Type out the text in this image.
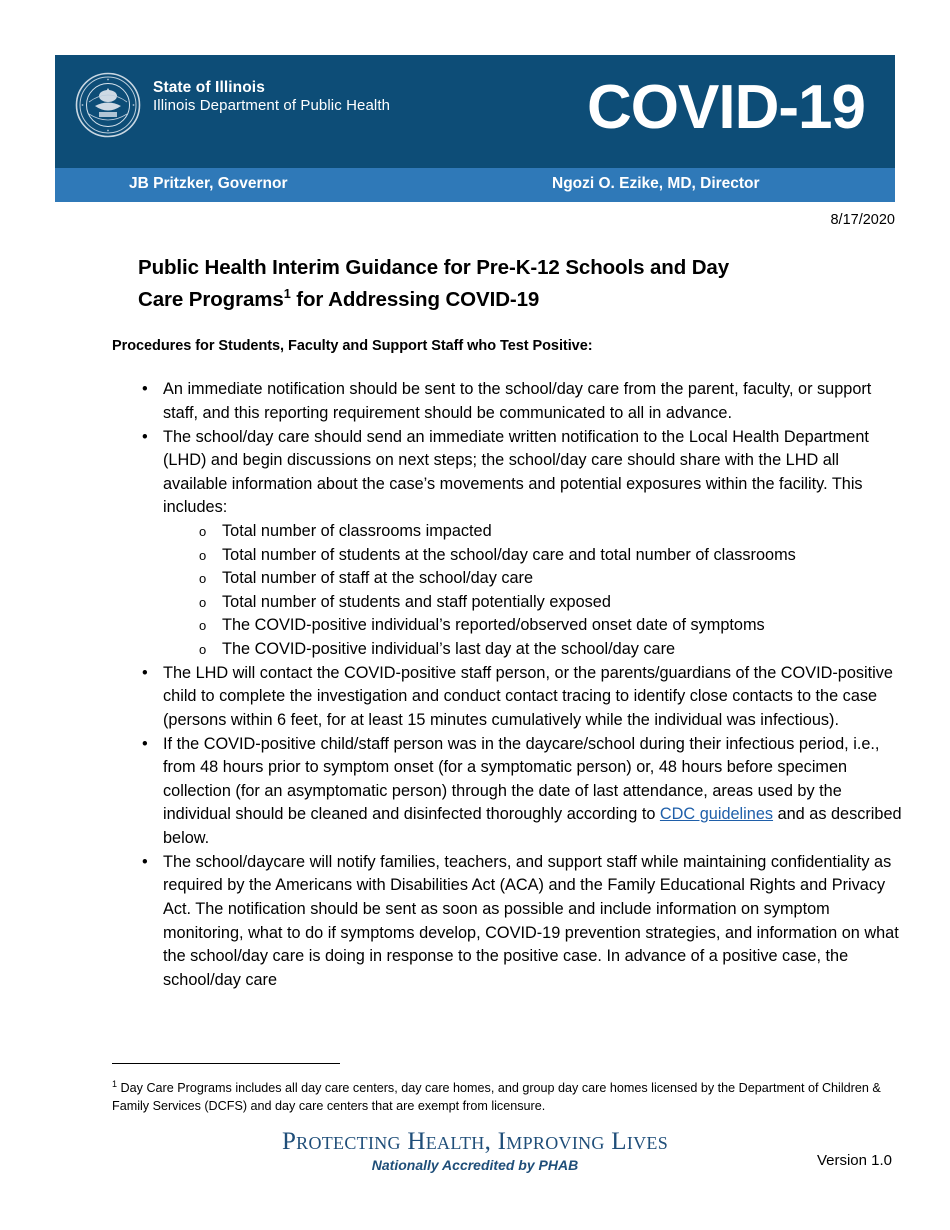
State of Illinois
Illinois Department of Public Health	COVID-19
JB Pritzker, Governor	Ngozi O. Ezike, MD, Director
8/17/2020
Public Health Interim Guidance for Pre-K-12 Schools and Day
Care Programs$^1$ for Addressing COVID-19
Procedures for Students, Faculty and Support Staff who Test Positive:
• An immediate notification should be sent to the school/day care from the parent, faculty, or support staff, and this reporting requirement should be communicated to all in advance.
• The school/day care should send an immediate written notification to the Local Health Department (LHD) and begin discussions on next steps; the school/day care should share with the LHD all available information about the case’s movements and potential exposures within the facility. This includes:
o Total number of classrooms impacted
o Total number of students at the school/day care and total number of classrooms
o Total number of staff at the school/day care
o Total number of students and staff potentially exposed
o The COVID-positive individual’s reported/observed onset date of symptoms
o The COVID-positive individual’s last day at the school/day care
• The LHD will contact the COVID-positive staff person, or the parents/guardians of the COVID-positive child to complete the investigation and conduct contact tracing to identify close contacts to the case (persons within 6 feet, for at least 15 minutes cumulatively while the individual was infectious).
• If the COVID-positive child/staff person was in the daycare/school during their infectious period, i.e., from 48 hours prior to symptom onset (for a symptomatic person) or, 48 hours before specimen collection (for an asymptomatic person) through the date of last attendance, areas used by the individual should be cleaned and disinfected thoroughly according to CDC guidelines and as described below.
• The school/daycare will notify families, teachers, and support staff while maintaining confidentiality as required by the Americans with Disabilities Act (ACA) and the Family Educational Rights and Privacy Act. The notification should be sent as soon as possible and include information on symptom monitoring, what to do if symptoms develop, COVID-19 prevention strategies, and information on what the school/day care is doing in response to the positive case. In advance of a positive case, the school/day care
$^1$ Day Care Programs includes all day care centers, day care homes, and group day care homes licensed by the Department of Children & Family Services (DCFS) and day care centers that are exempt from licensure.
Protecting Health, Improving Lives
Nationally Accredited by PHAB	Version 1.0
